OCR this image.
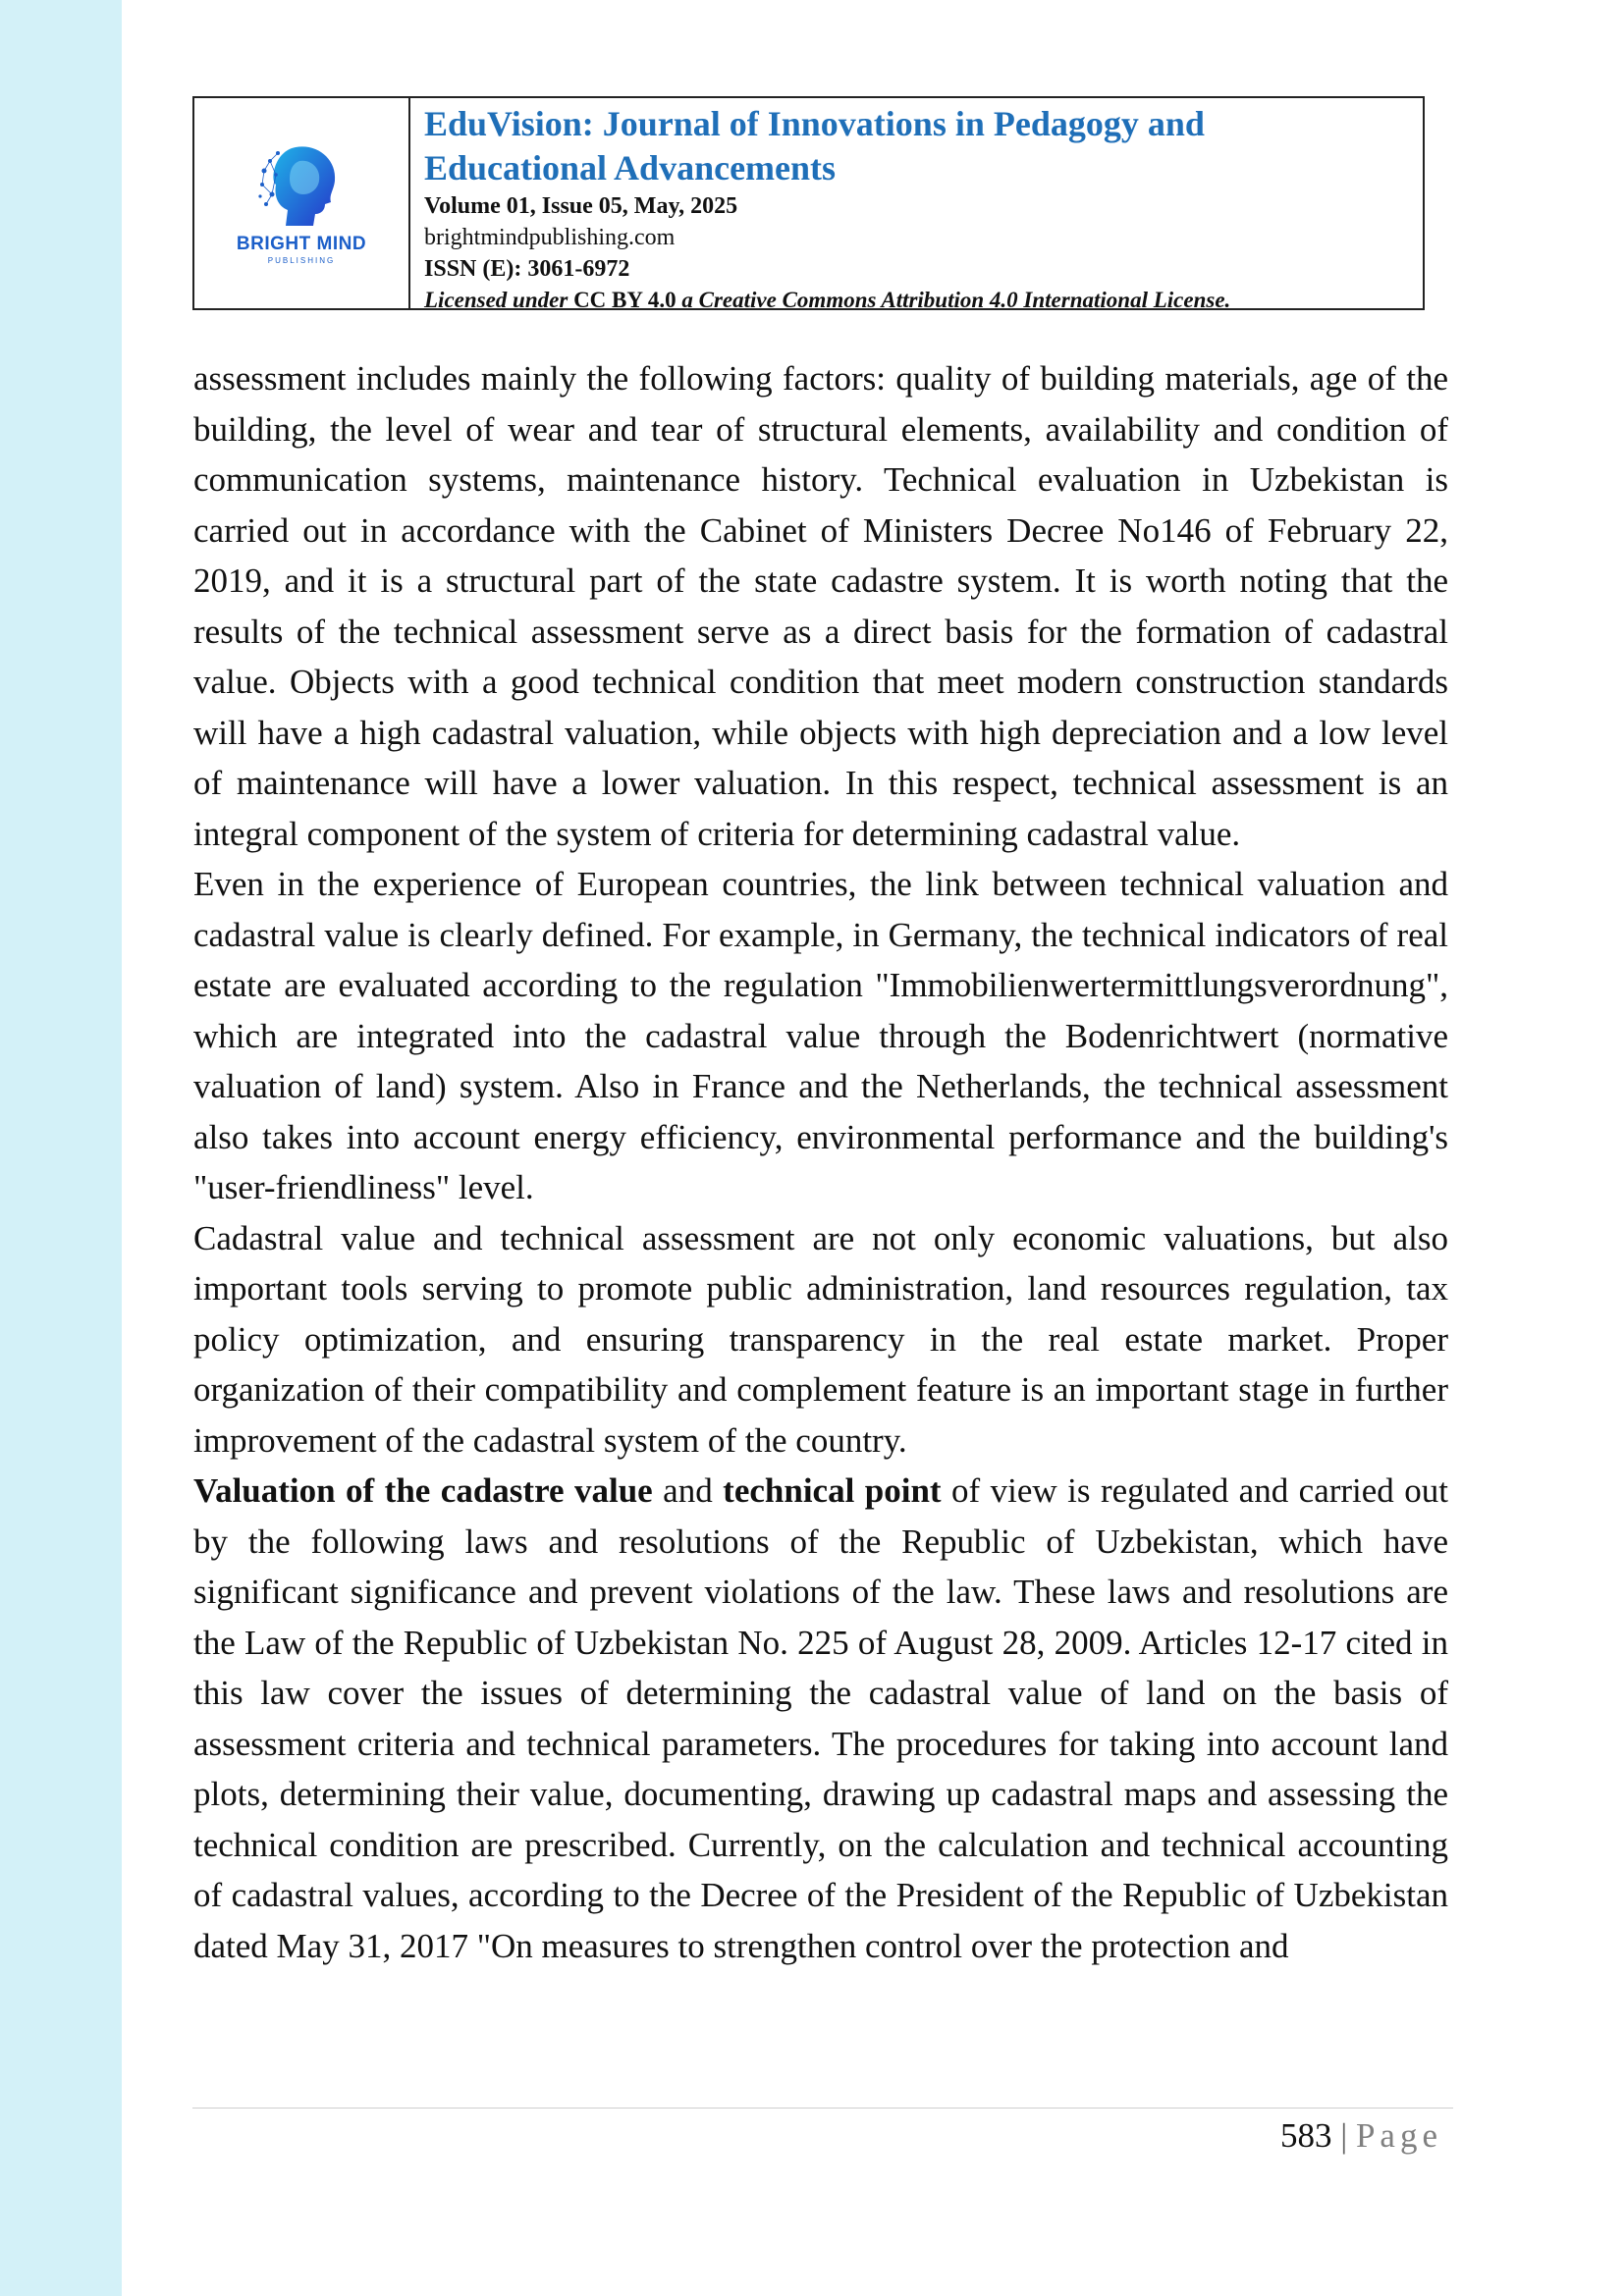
BRIGHT MIND
PUBLISHING

EduVision: Journal of Innovations in Pedagogy and

Educational Advancements

Volume 01, Issue 05, May, 2025

brightmindpublishing.com

ISSN (E): 3061-6972

Licensed under CC BY 4.0 a Creative Commons Attribution 4.0 International License.

assessment includes mainly the following factors: quality of building materials, age of the building, the level of wear and tear of structural elements, availability and condition of communication systems, maintenance history. Technical evaluation in Uzbekistan is carried out in accordance with the Cabinet of Ministers Decree No146 of February 22, 2019, and it is a structural part of the state cadastre system. It is worth noting that the results of the technical assessment serve as a direct basis for the formation of cadastral value. Objects with a good technical condition that meet modern construction standards will have a high cadastral valuation, while objects with high depreciation and a low level of maintenance will have a lower valuation. In this respect, technical assessment is an integral component of the system of criteria for determining cadastral value.

Even in the experience of European countries, the link between technical valuation and cadastral value is clearly defined. For example, in Germany, the technical indicators of real estate are evaluated according to the regulation "Immobilienwertermittlungsverordnung", which are integrated into the cadastral value through the Bodenrichtwert (normative valuation of land) system. Also in France and the Netherlands, the technical assessment also takes into account energy efficiency, environmental performance and the building's "user-friendliness" level.

Cadastral value and technical assessment are not only economic valuations, but also important tools serving to promote public administration, land resources regulation, tax policy optimization, and ensuring transparency in the real estate market. Proper organization of their compatibility and complement feature is an important stage in further improvement of the cadastral system of the country.

Valuation of the cadastre value and technical point of view is regulated and carried out by the following laws and resolutions of the Republic of Uzbekistan, which have significant significance and prevent violations of the law. These laws and resolutions are the Law of the Republic of Uzbekistan No. 225 of August 28, 2009. Articles 12-17 cited in this law cover the issues of determining the cadastral value of land on the basis of assessment criteria and technical parameters. The procedures for taking into account land plots, determining their value, documenting, drawing up cadastral maps and assessing the technical condition are prescribed. Currently, on the calculation and technical accounting of cadastral values, according to the Decree of the President of the Republic of Uzbekistan dated May 31, 2017 "On measures to strengthen control over the protection and

583 | Page
